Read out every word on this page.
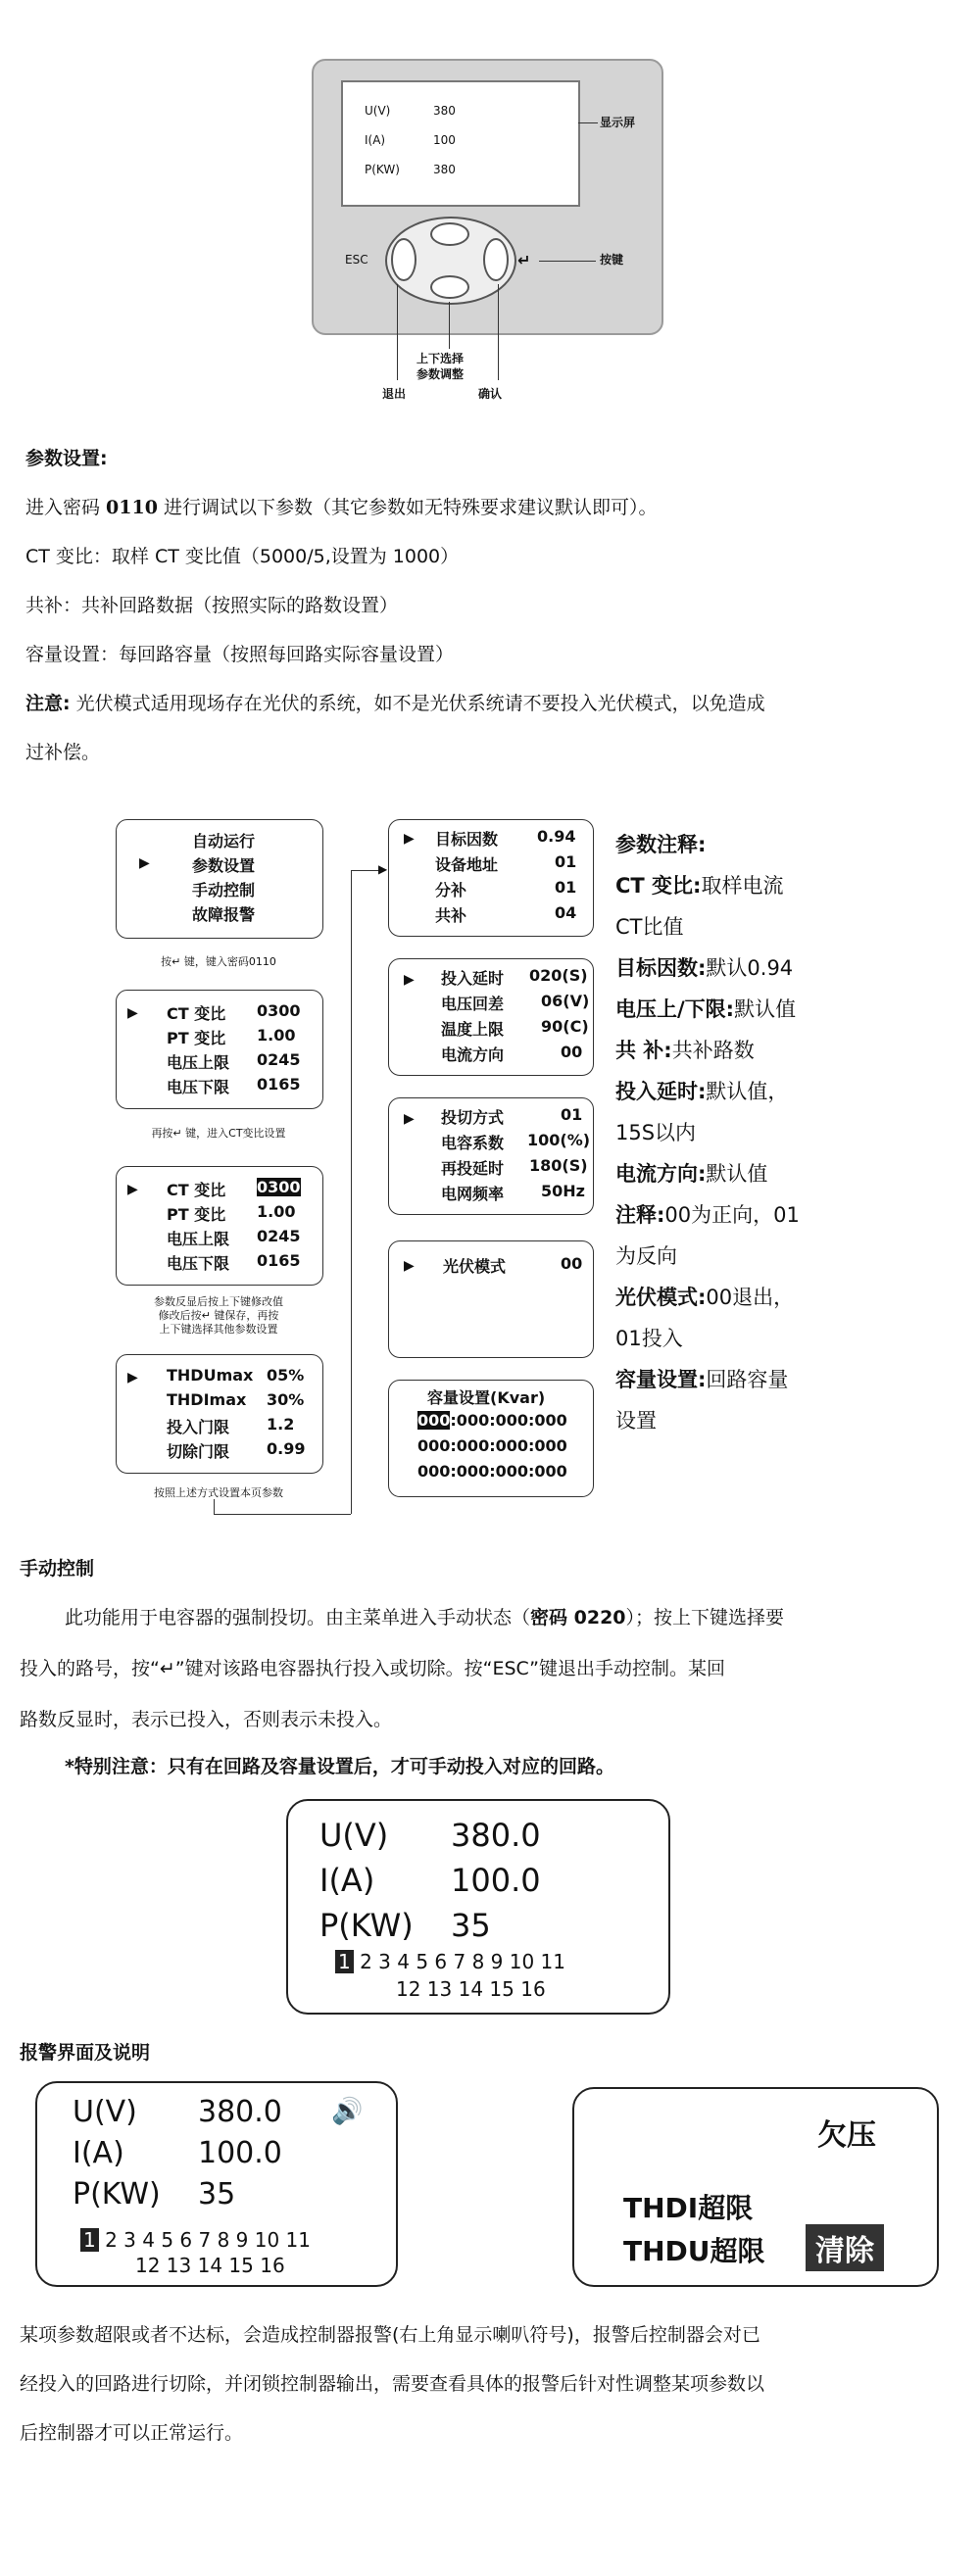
U(V)	380
I(A)	100
P(KW)	380
显示屏
ESC	↵	按键
上下选择
参数调整
退出	确认
参数设置:
进入密码 0110 进行调试以下参数（其它参数如无特殊要求建议默认即可）。
CT 变比：取样 CT 变比值（5000/5,设置为 1000）
共补：共补回路数据（按照实际的路数设置）
容量设置：每回路容量（按照每回路实际容量设置）
注意: 光伏模式适用现场存在光伏的系统，如不是光伏系统请不要投入光伏模式，以免造成
过补偿。
自动运行
参数设置
手动控制
故障报警
▶
按↵ 键，键入密码0110
▶ CT 变比 0300
PT 变比 1.00
电压上限 0245
电压下限 0165
再按↵ 键，进入CT变比设置
▶ CT 变比 0300
PT 变比 1.00
电压上限 0245
电压下限 0165
参数反显后按上下键修改值
修改后按↵ 键保存，再按
上下键选择其他参数设置
▶ THDUmax 05%
THDImax 30%
投入门限 1.2
切除门限 0.99
按照上述方式设置本页参数
▶
▶ 目标因数 0.94
设备地址	01
分补	01
共补	04
▶ 投入延时 020(S)
电压回差 06(V)
温度上限 90(C)
电流方向	00
▶ 投切方式	01
电容系数 100(%)
再投延时 180(S)
电网频率 50Hz
▶ 光伏模式	00
容量设置(Kvar)
000:000:000:000
000:000:000:000
000:000:000:000
参数注释:
CT 变比:取样电流
CT比值
目标因数:默认0.94
电压上/下限:默认值
共 补:共补路数
投入延时:默认值，
15S以内
电流方向:默认值
注释:00为正向，01
为反向
光伏模式:00退出，
01投入
容量设置:回路容量
设置
手动控制
此功能用于电容器的强制投切。由主菜单进入手动状态（密码 0220）；按上下键选择要
投入的路号，按“↵”键对该路电容器执行投入或切除。按“ESC”键退出手动控制。某回
路数反显时，表示已投入，否则表示未投入。
*特别注意：只有在回路及容量设置后，才可手动投入对应的回路。
U(V) 380.0
I(A) 100.0
P(KW) 35
1 2 3 4 5 6 7 8 9 10 11
12 13 14 15 16
报警界面及说明
U(V) 380.0 🔊
I(A)	100.0
P(KW) 35
1 2 3 4 5 6 7 8 9 10 11
12 13 14 15 16
欠压
THDI超限
THDU超限	清除
某项参数超限或者不达标，会造成控制器报警(右上角显示喇叭符号)，报警后控制器会对已
经投入的回路进行切除，并闭锁控制器输出，需要查看具体的报警后针对性调整某项参数以
后控制器才可以正常运行。
